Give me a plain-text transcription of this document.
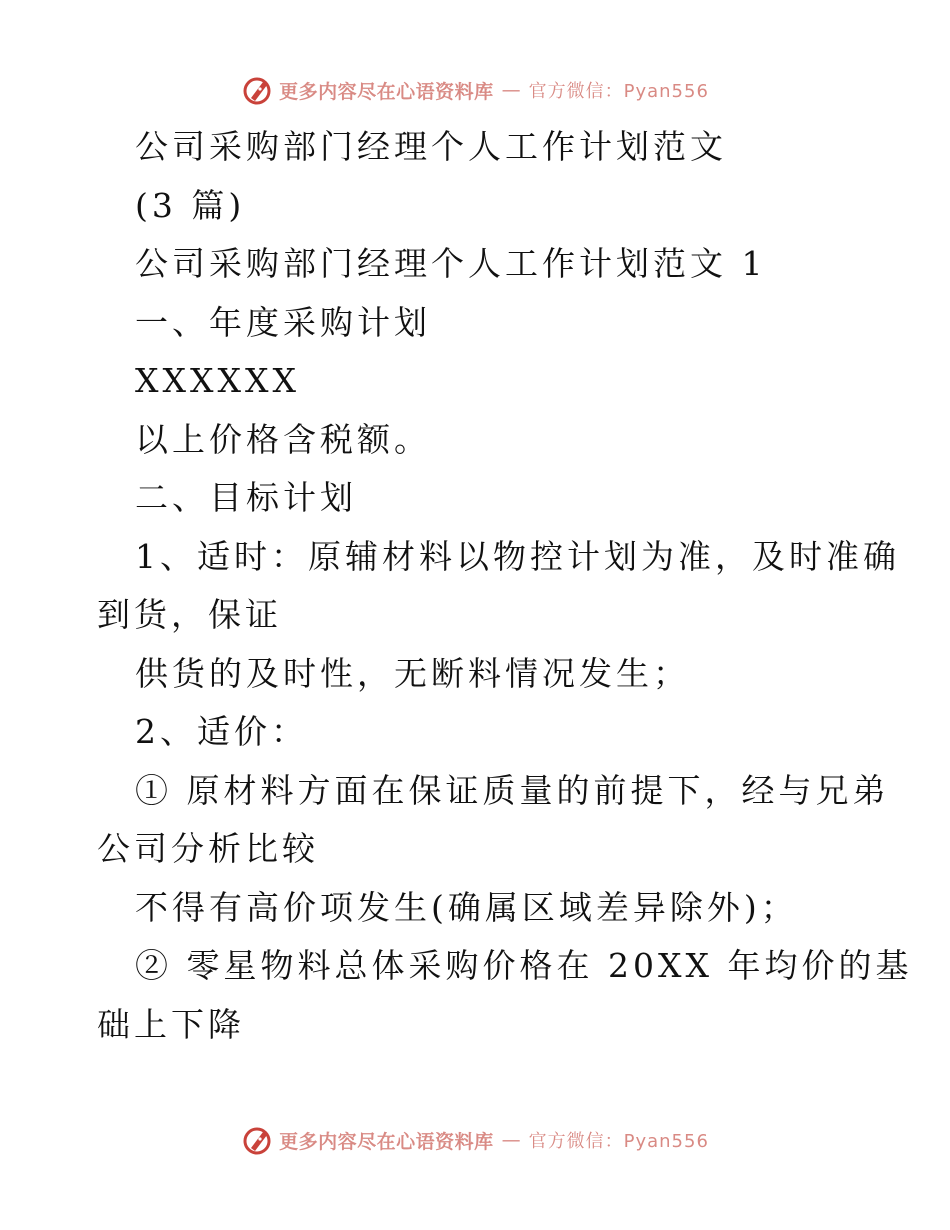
更多内容尽在心语资料库 — 官方微信：Pyan556
公司采购部门经理个人工作计划范文
(3 篇)
公司采购部门经理个人工作计划范文 1
一、年度采购计划
XXXXXX
以上价格含税额。
二、目标计划
1、适时：原辅材料以物控计划为准，及时准确
到货，保证
供货的及时性，无断料情况发生；
2、适价：
① 原材料方面在保证质量的前提下，经与兄弟
公司分析比较
不得有高价项发生(确属区域差异除外)；
② 零星物料总体采购价格在 20XX 年均价的基
础上下降
更多内容尽在心语资料库 — 官方微信：Pyan556
